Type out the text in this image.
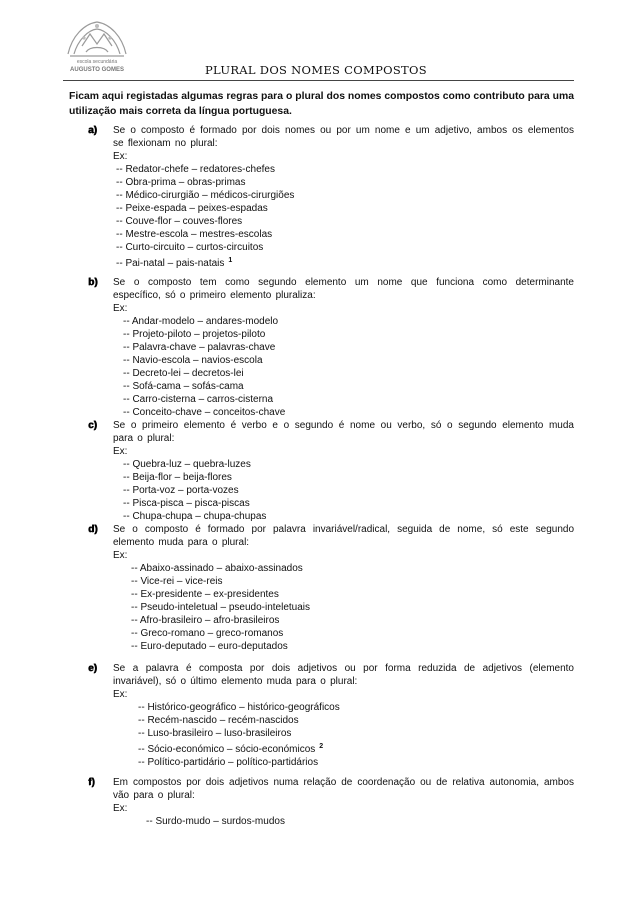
escola secundária
AUGUSTO GOMES	PLURAL DOS NOMES COMPOSTOS
Ficam aqui registadas algumas regras para o plural dos nomes compostos como contributo para uma utilização mais correta da língua portuguesa.
a) Se o composto é formado por dois nomes ou por um nome e um adjetivo, ambos os elementos se flexionam no plural:

Ex:

-- Redator-chefe – redatores-chefes
-- Obra-prima – obras-primas
-- Médico-cirurgião – médicos-cirurgiões
-- Peixe-espada – peixes-espadas
-- Couve-flor – couves-flores
-- Mestre-escola – mestres-escolas
-- Curto-circuito – curtos-circuitos
-- Pai-natal – pais-natais $^1$
b) Se o composto tem como segundo elemento um nome que funciona como determinante específico, só o primeiro elemento pluraliza:

Ex:

-- Andar-modelo – andares-modelo
-- Projeto-piloto – projetos-piloto
-- Palavra-chave – palavras-chave
-- Navio-escola – navios-escola
-- Decreto-lei – decretos-lei
-- Sofá-cama – sofás-cama
-- Carro-cisterna – carros-cisterna
-- Conceito-chave – conceitos-chave
c) Se o primeiro elemento é verbo e o segundo é nome ou verbo, só o segundo elemento muda para o plural:

Ex:

-- Quebra-luz – quebra-luzes
-- Beija-flor – beija-flores
-- Porta-voz – porta-vozes
-- Pisca-pisca – pisca-piscas
-- Chupa-chupa – chupa-chupas
d) Se o composto é formado por palavra invariável/radical, seguida de nome, só este segundo elemento muda para o plural:

Ex:

-- Abaixo-assinado – abaixo-assinados
-- Vice-rei – vice-reis
-- Ex-presidente – ex-presidentes
-- Pseudo-inteletual – pseudo-inteletuais
-- Afro-brasileiro – afro-brasileiros
-- Greco-romano – greco-romanos
-- Euro-deputado – euro-deputados
e) Se a palavra é composta por dois adjetivos ou por forma reduzida de adjetivos (elemento invariável), só o último elemento muda para o plural:

Ex:

-- Histórico-geográfico – histórico-geográficos
-- Recém-nascido – recém-nascidos
-- Luso-brasileiro – luso-brasileiros
-- Sócio-económico – sócio-económicos $^2$
-- Político-partidário – político-partidários
f) Em compostos por dois adjetivos numa relação de coordenação ou de relativa autonomia, ambos vão para o plural:

Ex:

-- Surdo-mudo – surdos-mudos
